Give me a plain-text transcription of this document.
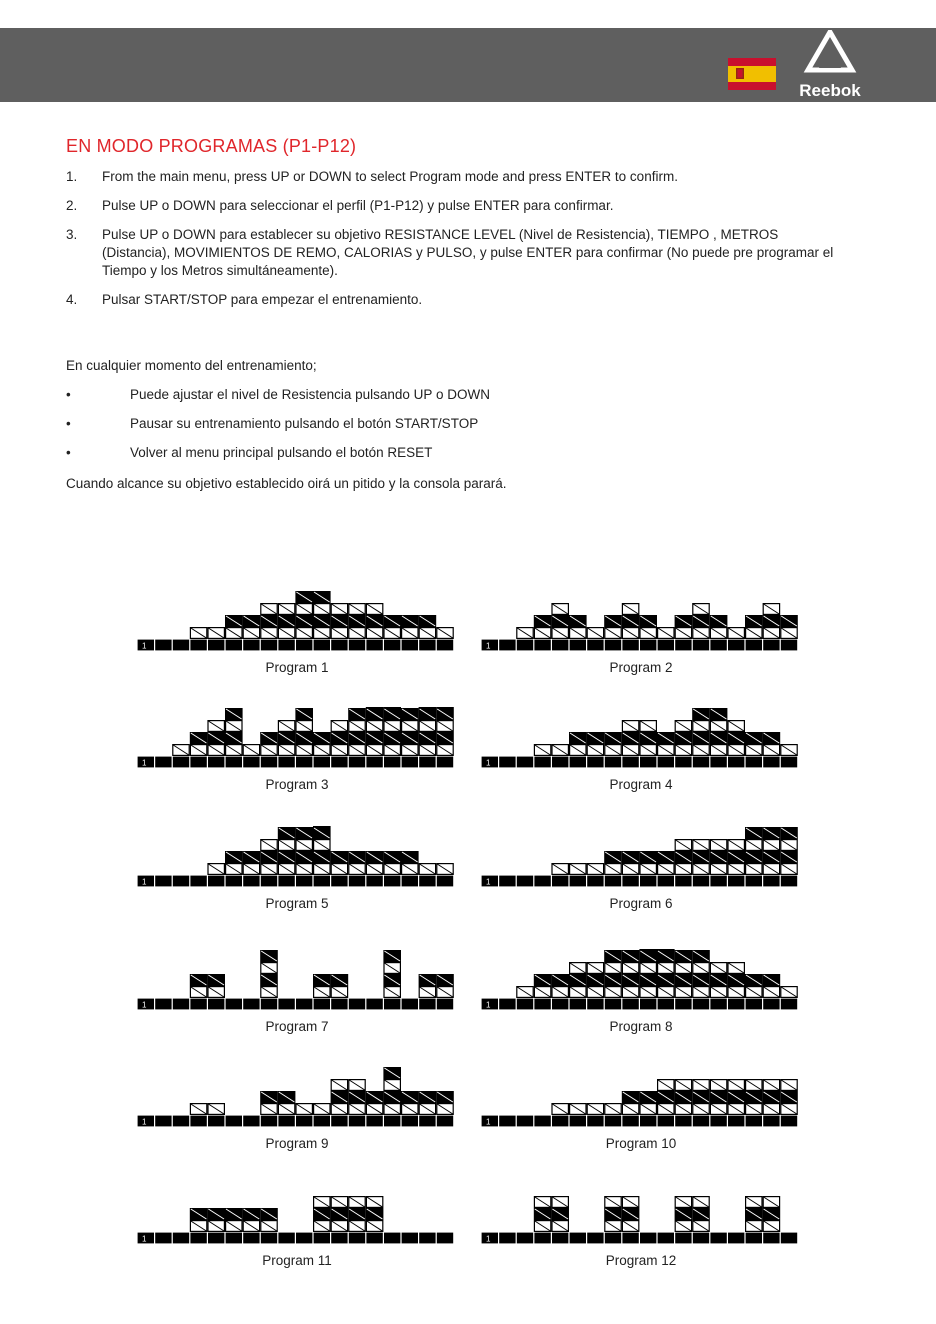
Reebok
EN MODO PROGRAMAS (P1-P12)
1. From the main menu, press UP or DOWN to select Program mode and press ENTER to confirm.
2. Pulse UP o DOWN para seleccionar el perfil (P1-P12) y pulse ENTER para confirmar.
3. Pulse UP o DOWN para establecer su objetivo RESISTANCE LEVEL (Nivel de Resistencia), TIEMPO , METROS (Distancia), MOVIMIENTOS DE REMO, CALORIAS y PULSO, y pulse ENTER para confirmar (No puede pre programar el Tiempo y los Metros simultáneamente).
4. Pulsar START/STOP para empezar el entrenamiento.
En cualquier momento del entrenamiento;
•	Puede ajustar el nivel de Resistencia pulsando UP o DOWN
•	Pausar su entrenamiento pulsando el botón START/STOP
•	Volver al menu principal pulsando el botón RESET
Cuando alcance su objetivo establecido oirá un pitido y la consola parará.
1
Program 1
1
Program 2
1
Program 3
1
Program 4
1
Program 5
1
Program 6
1
Program 7
1
Program 8
1
Program 9
1
Program 10
1
Program 11
1
Program 12
